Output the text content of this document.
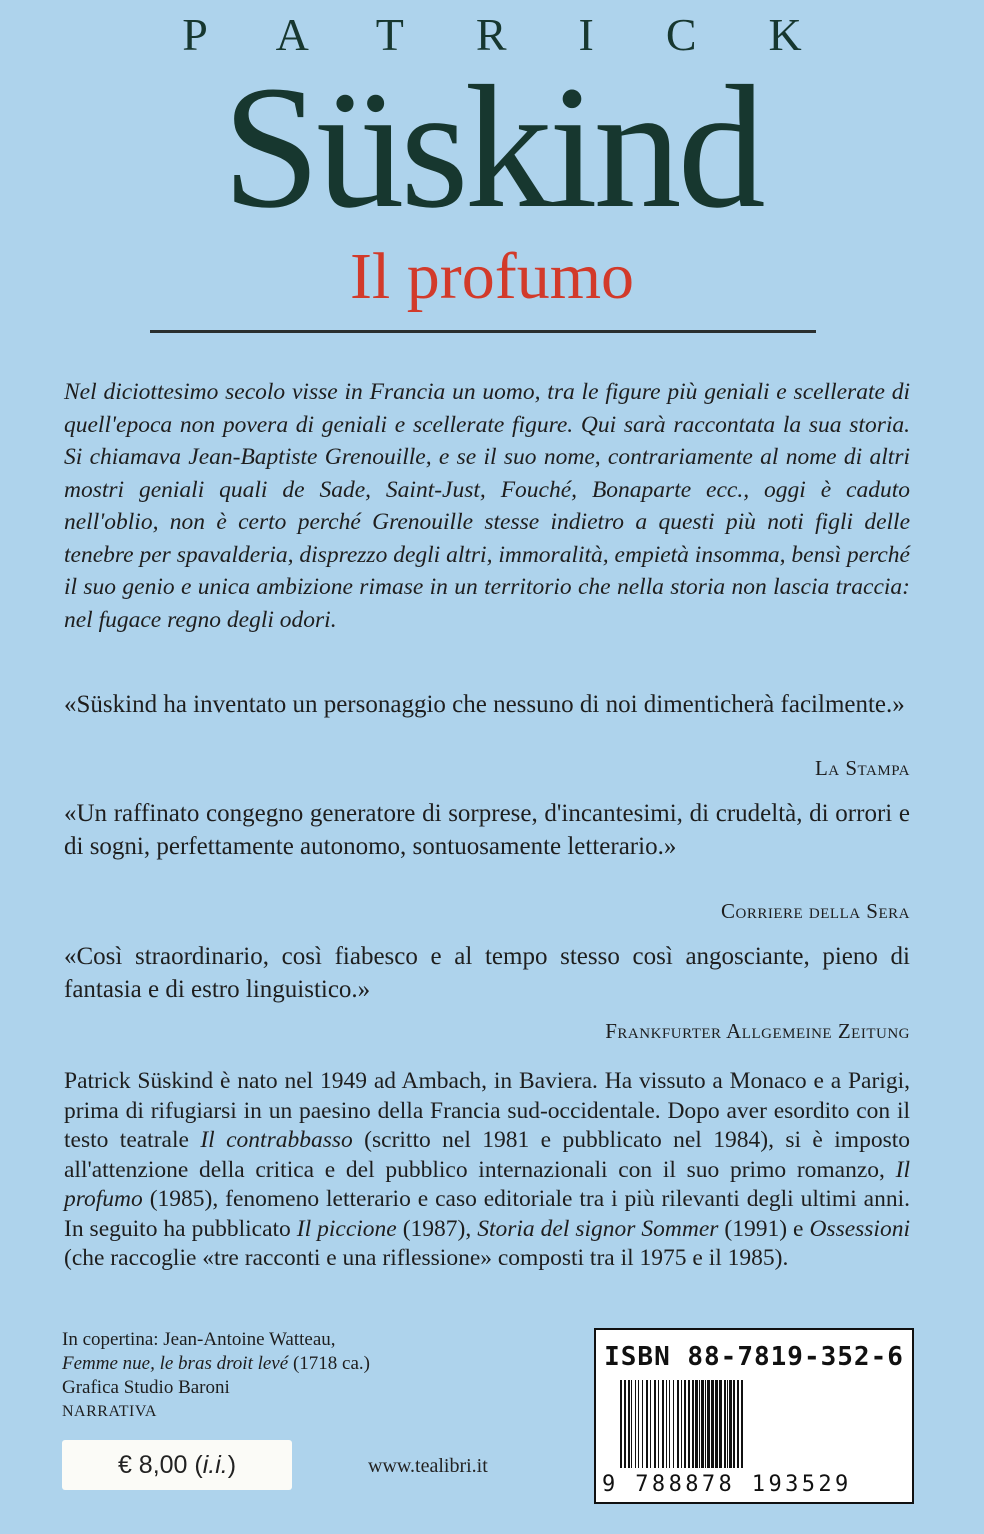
PATRICK
Süskind
Il profumo

Nel diciottesimo secolo visse in Francia un uomo, tra le figure più geniali e scellerate di quell'epoca non povera di geniali e scellerate figure. Qui sarà raccontata la sua storia. Si chiamava Jean-Baptiste Grenouille, e se il suo nome, contrariamente al nome di altri mostri geniali quali de Sade, Saint-Just, Fouché, Bonaparte ecc., oggi è caduto nell'oblio, non è certo perché Grenouille stesse indietro a questi più noti figli delle tenebre per spavalderia, disprezzo degli altri, immoralità, empietà insomma, bensì perché il suo genio e unica ambizione rimase in un territorio che nella storia non lascia traccia: nel fugace regno degli odori.

«Süskind ha inventato un personaggio che nessuno di noi dimenticherà facilmente.»

La Stampa

«Un raffinato congegno generatore di sorprese, d'incantesimi, di crudeltà, di orrori e di sogni, perfettamente autonomo, sontuosamente letterario.»

Corriere della Sera

«Così straordinario, così fiabesco e al tempo stesso così angosciante, pieno di fantasia e di estro linguistico.»

Frankfurter Allgemeine Zeitung

Patrick Süskind è nato nel 1949 ad Ambach, in Baviera. Ha vissuto a Monaco e a Parigi, prima di rifugiarsi in un paesino della Francia sud-occidentale. Dopo aver esordito con il testo teatrale Il contrabbasso (scritto nel 1981 e pubblicato nel 1984), si è imposto all'attenzione della critica e del pubblico internazionali con il suo primo romanzo, Il profumo (1985), fenomeno letterario e caso editoriale tra i più rilevanti degli ultimi anni. In seguito ha pubblicato Il piccione (1987), Storia del signor Sommer (1991) e Ossessioni (che raccoglie «tre racconti e una riflessione» composti tra il 1975 e il 1985).

In copertina: Jean-Antoine Watteau,
Femme nue, le bras droit levé (1718 ca.)
Grafica Studio Baroni
NARRATIVA
€ 8,00 (i.i.)	www.tealibri.it
ISBN 88-7819-352-6
9 788878 193529
